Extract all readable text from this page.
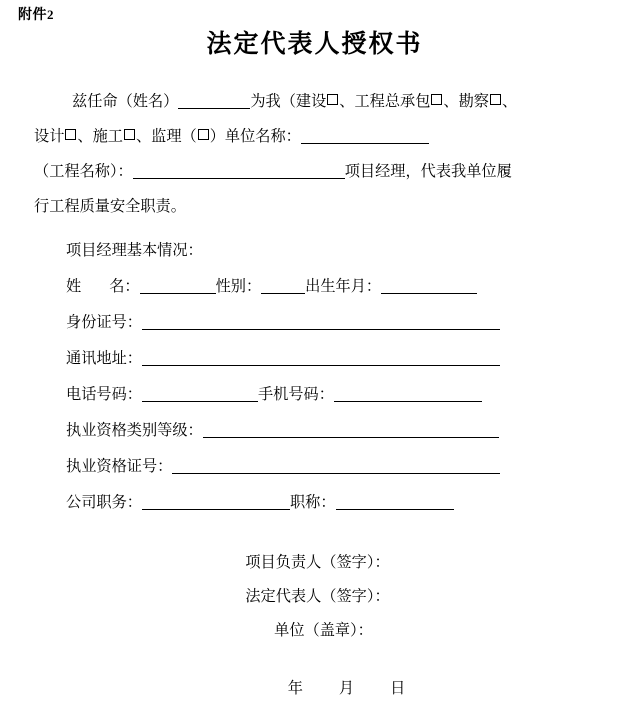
附件2
法定代表人授权书

兹任命（姓名）	为我（建设 、工程总承包 、勘察 、

设计 、施工 、监理（ ）单位名称：

（工程名称）：	项目经理，代表我单位履

行工程质量安全职责。

项目经理基本情况：
姓 名：	性别：	出生年月：
身份证号：
通讯地址：
电话号码：	手机号码：
执业资格类别等级：
执业资格证号：
公司职务：	职称：
项目负责人（签字）：
法定代表人（签字）：
单位（盖章）：
年 月 日
